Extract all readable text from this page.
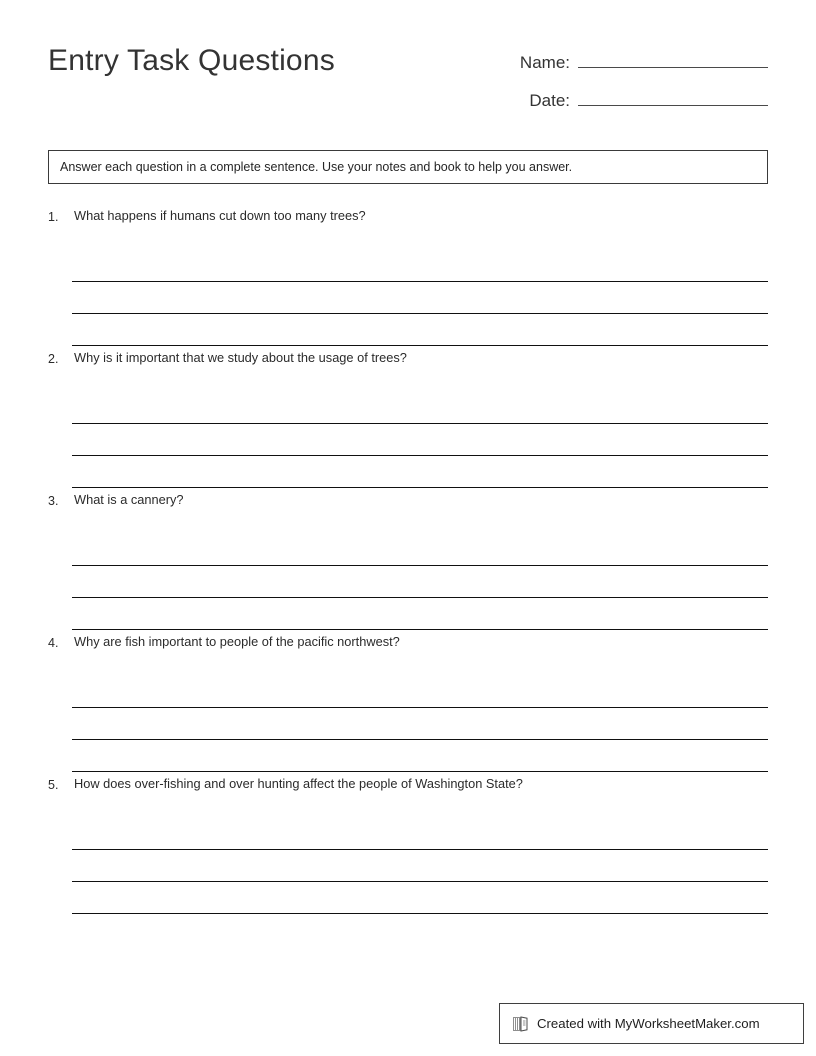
Entry Task Questions	Name:
Date:
Answer each question in a complete sentence. Use your notes and book to help you answer.
1.	What happens if humans cut down too many trees?
2.	Why is it important that we study about the usage of trees?
3.	What is a cannery?
4.	Why are fish important to people of the pacific northwest?
5.	How does over-fishing and over hunting affect the people of Washington State?
Created with MyWorksheetMaker.com
